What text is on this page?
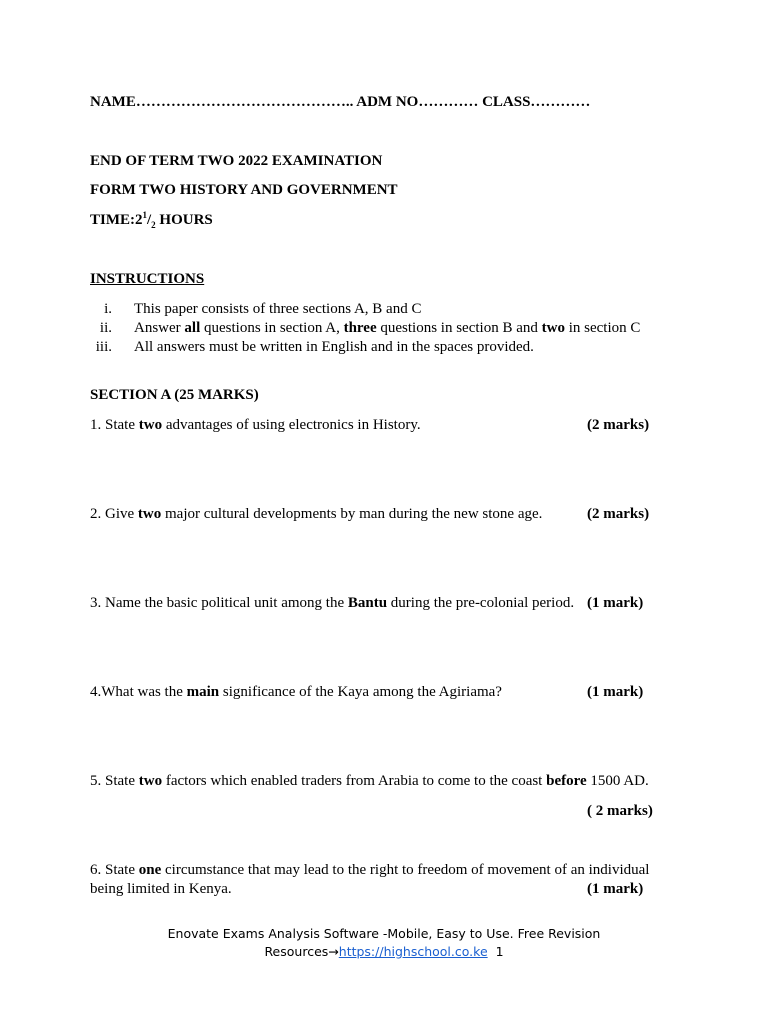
NAME…………………………………….. ADM NO………… CLASS…………
END OF TERM TWO 2022 EXAMINATION
FORM TWO HISTORY AND GOVERNMENT
$TIME:2^1/_2$ HOURS
INSTRUCTIONS
i. This paper consists of three sections A, B and C
ii. Answer all questions in section A, three questions in section B and two in section C
iii. All answers must be written in English and in the spaces provided.
SECTION A (25 MARKS)
1. State two advantages of using electronics in History.	(2 marks)
2. Give two major cultural developments by man during the new stone age.	(2 marks)
3. Name the basic political unit among the Bantu during the pre-colonial period. (1 mark)
4.What was the main significance of the Kaya among the Agiriama?	(1 mark)
5. State two factors which enabled traders from Arabia to come to the coast before 1500 AD.
( 2 marks)
6. State one circumstance that may lead to the right to freedom of movement of an individual
being limited in Kenya.	(1 mark)
Enovate Exams Analysis Software -Mobile, Easy to Use. Free Revision
Resources→https://highschool.co.ke 1
